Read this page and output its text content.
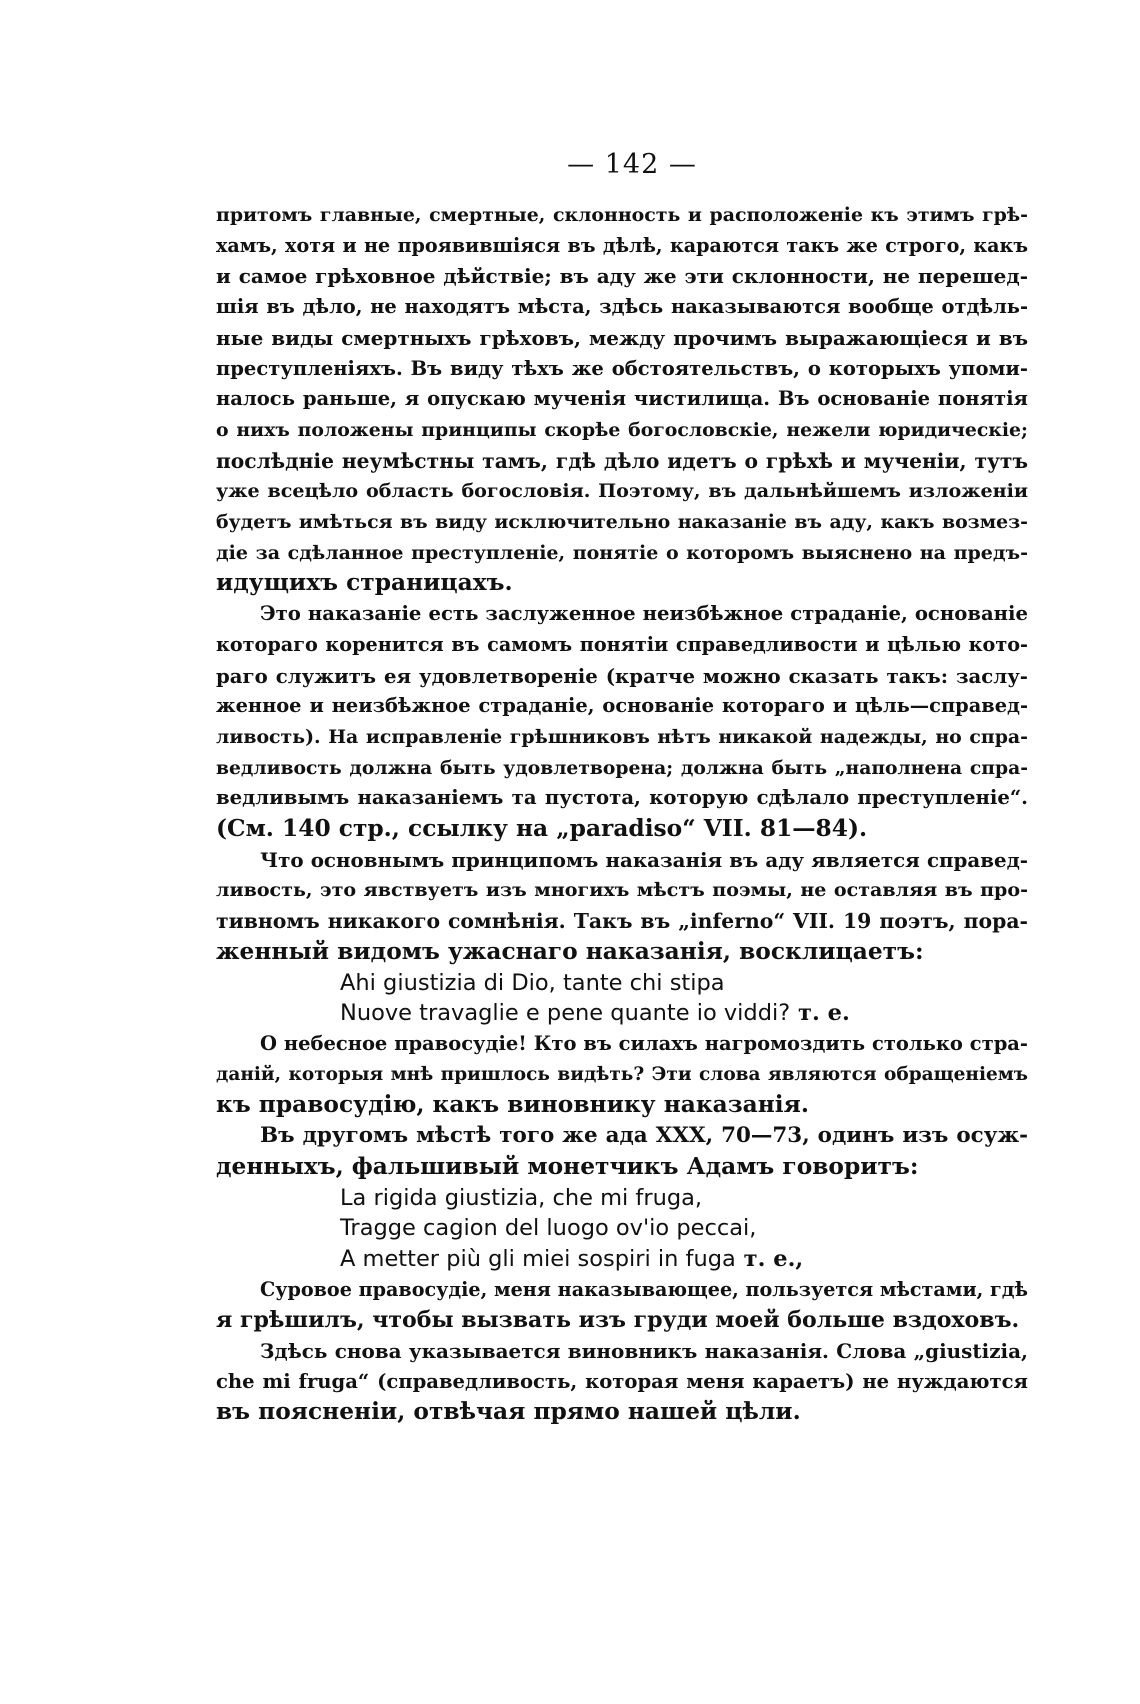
— 142 —
притомъ главные, смертные, склонность и расположеніе къ этимъ грѣ-
хамъ, хотя и не проявившіяся въ дѣлѣ, караются такъ же строго, какъ
и самое грѣховное дѣйствіе; въ аду же эти склонности, не перешед-
шія въ дѣло, не находятъ мѣста, здѣсь наказываются вообще отдѣль-
ные виды смертныхъ грѣховъ, между прочимъ выражающіеся и въ
преступленіяхъ. Въ виду тѣхъ же обстоятельствъ, о которыхъ упоми-
налось раньше, я опускаю мученія чистилища. Въ основаніе понятія
о нихъ положены принципы скорѣе богословскіе, нежели юридическіе;
послѣдніе неумѣстны тамъ, гдѣ дѣло идетъ о грѣхѣ и мученіи, тутъ
уже всецѣло область богословія. Поэтому, въ дальнѣйшемъ изложеніи
будетъ имѣться въ виду исключительно наказаніе въ аду, какъ возмез-
діе за сдѣланное преступленіе, понятіе о которомъ выяснено на предъ-
идущихъ страницахъ.
Это наказаніе есть заслуженное неизбѣжное страданіе, основаніе
котораго коренится въ самомъ понятіи справедливости и цѣлью кото-
раго служитъ ея удовлетвореніе (кратче можно сказать такъ: заслу-
женное и неизбѣжное страданіе, основаніе котораго и цѣль—справед-
ливость). На исправленіе грѣшниковъ нѣтъ никакой надежды, но спра-
ведливость должна быть удовлетворена; должна быть „наполнена спра-
ведливымъ наказаніемъ та пустота, которую сдѣлало преступленіе“.
(См. 140 стр., ссылку на „paradiso“ VII. 81—84).
Что основнымъ принципомъ наказанія въ аду является справед-
ливость, это явствуетъ изъ многихъ мѣстъ поэмы, не оставляя въ про-
тивномъ никакого сомнѣнія. Такъ въ „inferno“ VII. 19 поэтъ, пора-
женный видомъ ужаснаго наказанія, восклицаетъ:
Ahi giustizia di Dio, tante chi stipa
Nuove travaglie e pene quante io viddi? т. е.
О небесное правосудіе! Кто въ силахъ нагромоздить столько стра-
даній, которыя мнѣ пришлось видѣть? Эти слова являются обращеніемъ
къ правосудію, какъ виновнику наказанія.
Въ другомъ мѣстѣ того же ада XXX, 70—73, одинъ изъ осуж-
денныхъ, фальшивый монетчикъ Адамъ говоритъ:
La rigida giustizia, che mi fruga,
Tragge cagion del luogo ov'io peccai,
A metter più gli miei sospiri in fuga т. е.,
Суровое правосудіе, меня наказывающее, пользуется мѣстами, гдѣ
я грѣшилъ, чтобы вызвать изъ груди моей больше вздоховъ.
Здѣсь снова указывается виновникъ наказанія. Слова „giustizia,
che mi fruga“ (справедливость, которая меня караетъ) не нуждаются
въ поясненіи, отвѣчая прямо нашей цѣли.
